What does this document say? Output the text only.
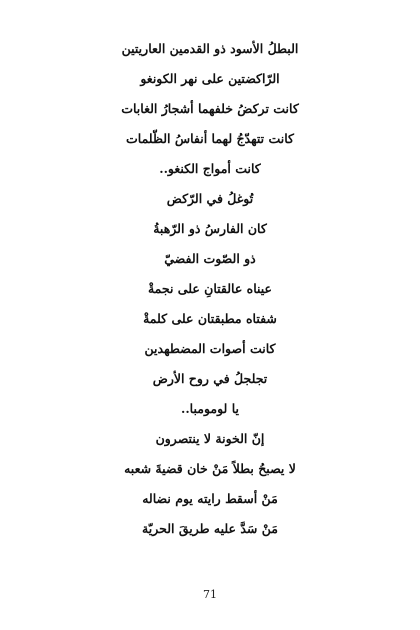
البطلُ الأسود ذو القدمين العاريتين
الرّاكضتين على نهر الكونغو
كانت تركضُ خلفهما أشجارُ الغابات
كانت تتهدّجُ لهما أنفاسُ الظّلمات
كانت أمواج الكنغو..
تُوغلُ في الرّكض
كان الفارسُ ذو الرّهبةُ
ذو الصّوت الفضيّ
عيناه عالقتانِ على نجمةْ
شفتاه مطبقتان على كلمةْ
كانت أصوات المضطهدين
تجلجلُ في روح الأرض
يا لومومبا..
إنّ الخونة لا ينتصرون
لا يصبحُ بطلاً مَنْ خان قضيةَ شعبه
مَنْ أسقط رايته يوم نضاله
مَنْ سَدَّ عليه طريقَ الحريّة
71
